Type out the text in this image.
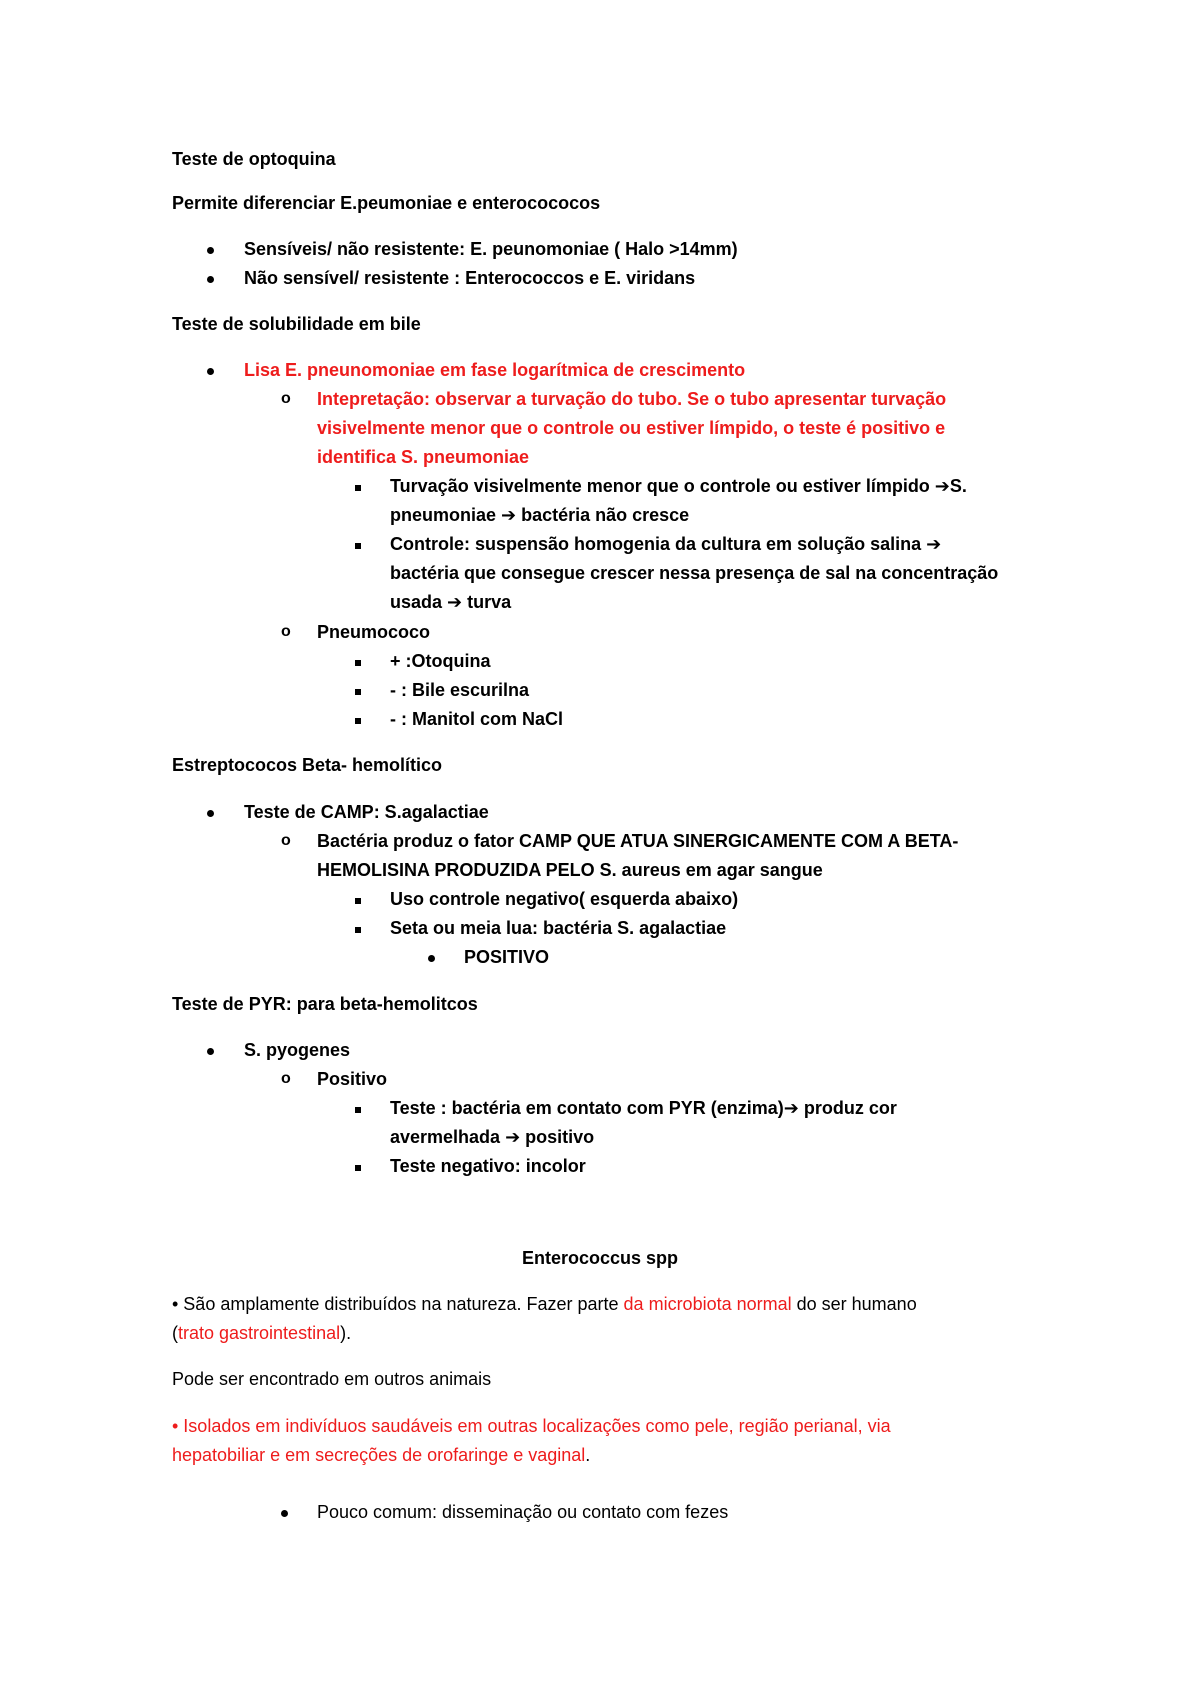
Teste de optoquina
Permite diferenciar E.peumoniae e enterocococos
Sensíveis/ não resistente: E. peunomoniae ( Halo >14mm)
Não sensível/ resistente : Enterococcos e E. viridans
Teste de solubilidade em bile
Lisa E. pneunomoniae em fase logarítmica de crescimento
o Intepretação: observar a turvação do tubo. Se o tubo apresentar turvação
visivelmente menor que o controle ou estiver límpido, o teste é positivo e
identifica S. pneumoniae
Turvação visivelmente menor que o controle ou estiver límpido ➔S.
pneumoniae ➔ bactéria não cresce
Controle: suspensão homogenia da cultura em solução salina ➔
bactéria que consegue crescer nessa presença de sal na concentração
usada ➔ turva
o Pneumococo
+ :Otoquina
- : Bile escurilna
- : Manitol com NaCl
Estreptococos Beta- hemolítico
Teste de CAMP: S.agalactiae
o Bactéria produz o fator CAMP QUE ATUA SINERGICAMENTE COM A BETA-
HEMOLISINA PRODUZIDA PELO S. aureus em agar sangue
Uso controle negativo( esquerda abaixo)
Seta ou meia lua: bactéria S. agalactiae
POSITIVO
Teste de PYR: para beta-hemolitcos
S. pyogenes
o Positivo
Teste : bactéria em contato com PYR (enzima)➔ produz cor
avermelhada ➔ positivo
Teste negativo: incolor
Enterococcus spp
• São amplamente distribuídos na natureza. Fazer parte da microbiota normal do ser humano
(trato gastrointestinal).
Pode ser encontrado em outros animais
• Isolados em indivíduos saudáveis em outras localizações como pele, região perianal, via
hepatobiliar e em secreções de orofaringe e vaginal.
Pouco comum: disseminação ou contato com fezes
